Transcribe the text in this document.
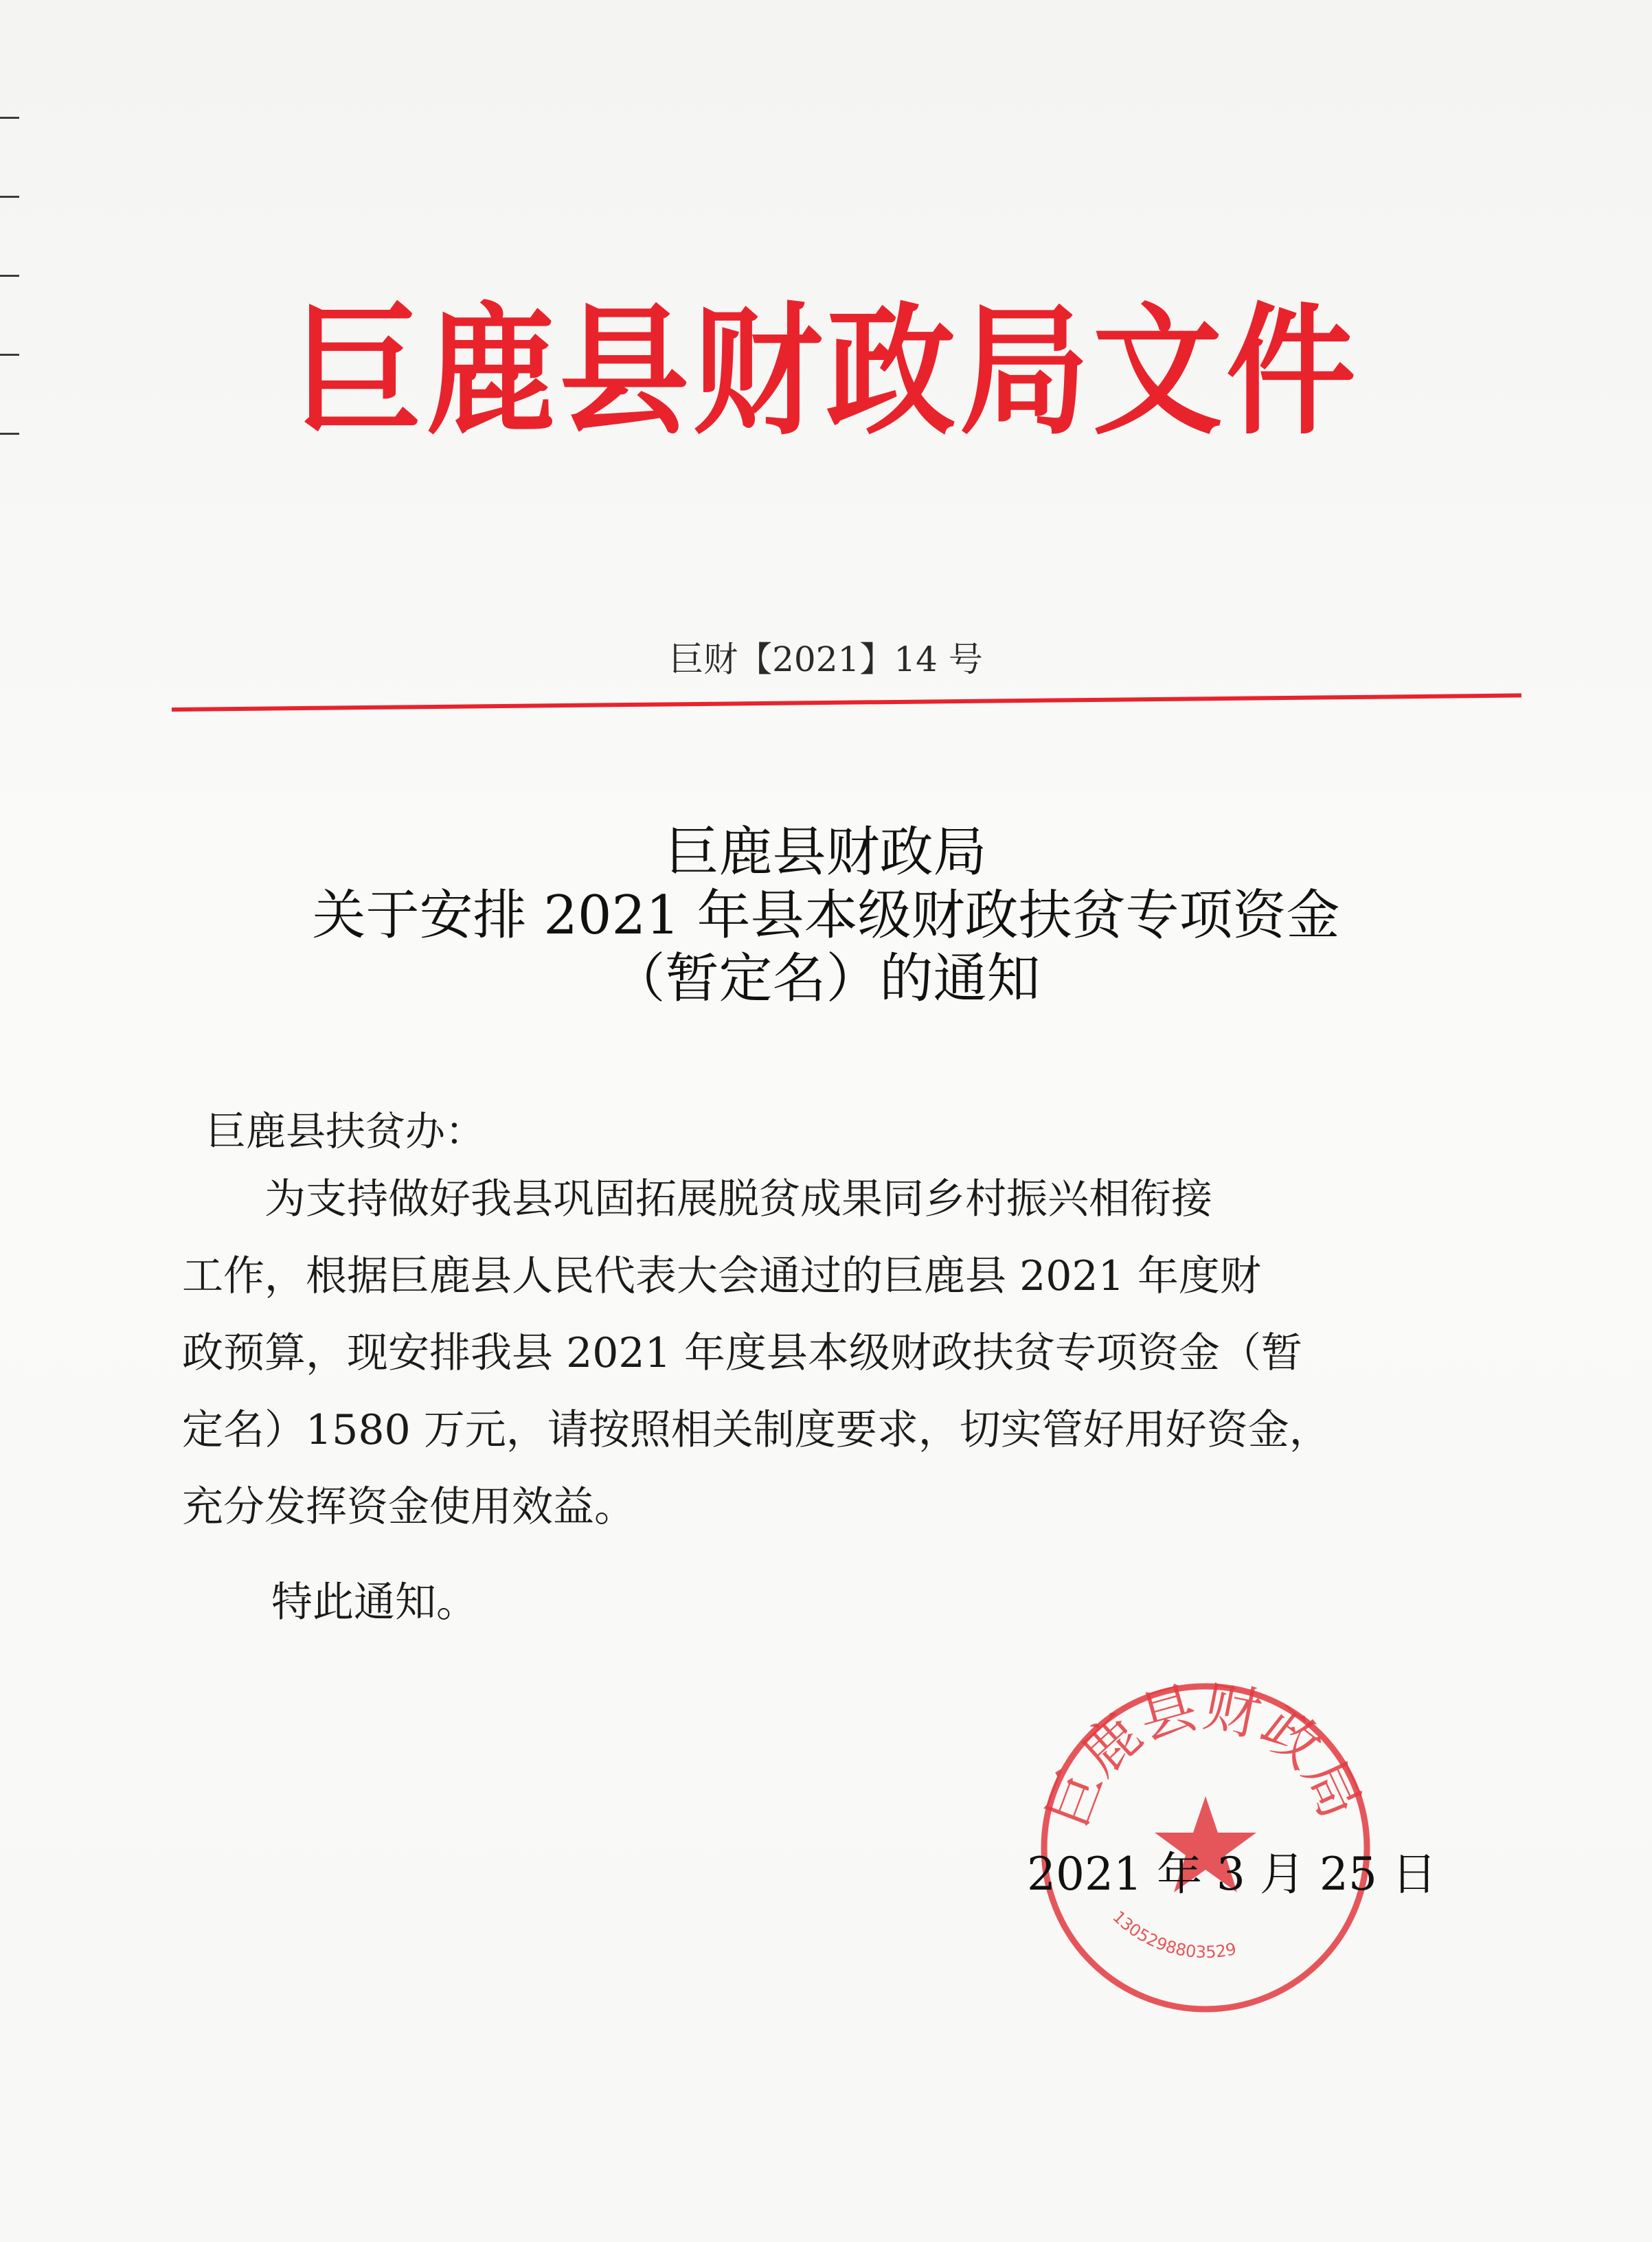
巨鹿县财政局文件
巨财【2021】14 号
巨鹿县财政局
关于安排 2021 年县本级财政扶贫专项资金
（暂定名）的通知
巨鹿县扶贫办：
　　为支持做好我县巩固拓展脱贫成果同乡村振兴相衔接
工作，根据巨鹿县人民代表大会通过的巨鹿县 2021 年度财
政预算，现安排我县 2021 年度县本级财政扶贫专项资金（暂
定名）1580 万元，请按照相关制度要求，切实管好用好资金，
充分发挥资金使用效益。
特此通知。
巨鹿县财政局
1305298803529
2021 年 3 月 25 日
